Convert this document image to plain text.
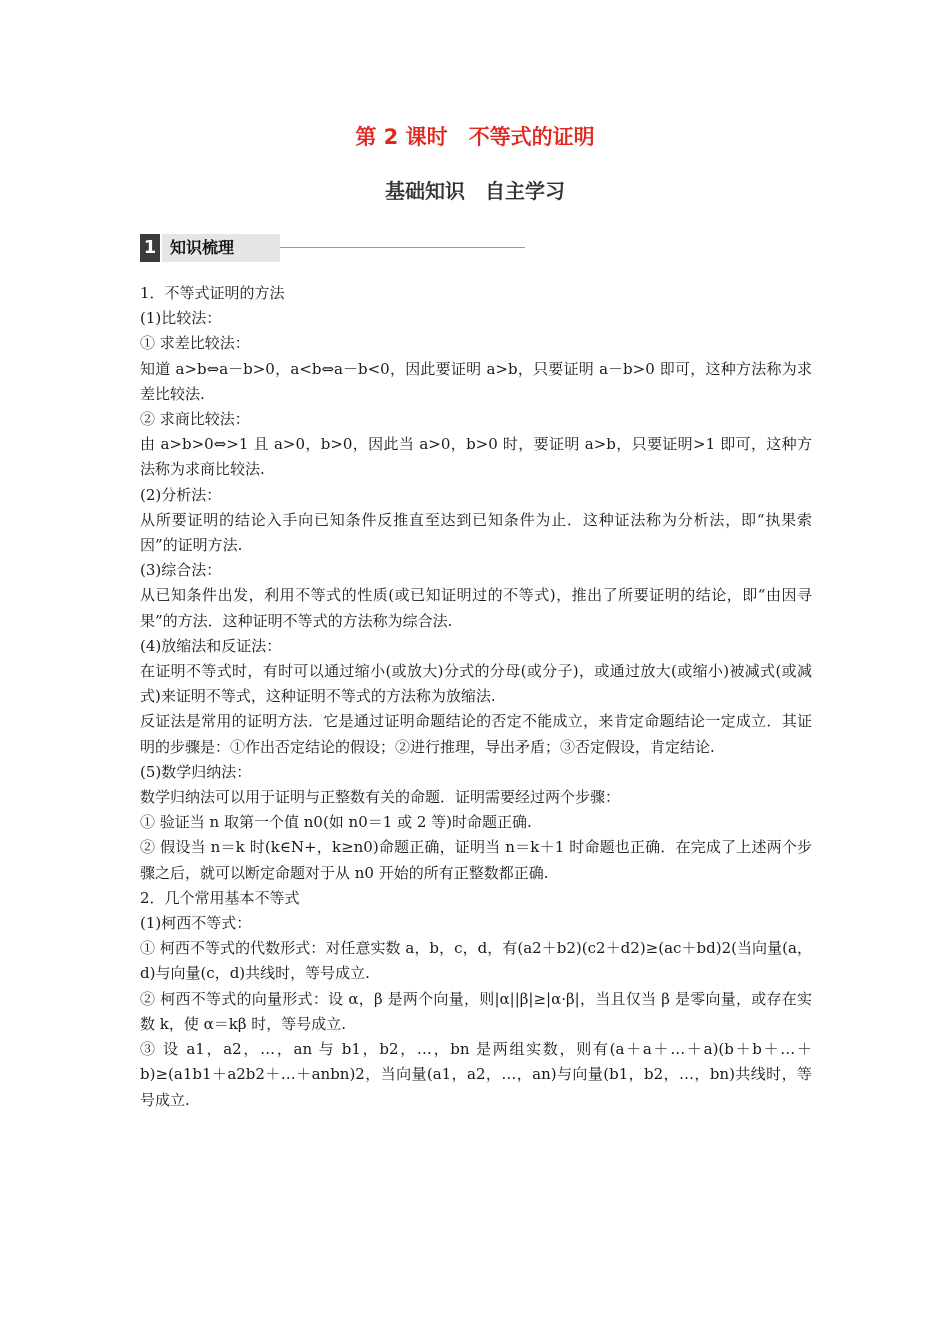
第 2 课时　不等式的证明
基础知识　自主学习
1 知识梳理

1．不等式证明的方法

(1)比较法：

① 求差比较法：

知道 a>b⇔a－b>0，a<b⇔a－b<0，因此要证明 a>b，只要证明 a－b>0 即可，这种方法称为求差比较法.

② 求商比较法：

由 a>b>0⇔>1 且 a>0，b>0，因此当 a>0，b>0 时，要证明 a>b，只要证明>1 即可，这种方法称为求商比较法.

(2)分析法：

从所要证明的结论入手向已知条件反推直至达到已知条件为止．这种证法称为分析法，即“执果索因”的证明方法.

(3)综合法：

从已知条件出发，利用不等式的性质(或已知证明过的不等式)，推出了所要证明的结论，即“由因寻果”的方法．这种证明不等式的方法称为综合法.

(4)放缩法和反证法：

在证明不等式时，有时可以通过缩小(或放大)分式的分母(或分子)，或通过放大(或缩小)被减式(或减式)来证明不等式，这种证明不等式的方法称为放缩法.

反证法是常用的证明方法．它是通过证明命题结论的否定不能成立，来肯定命题结论一定成立．其证明的步骤是：①作出否定结论的假设；②进行推理，导出矛盾；③否定假设，肯定结论.

(5)数学归纳法：

数学归纳法可以用于证明与正整数有关的命题．证明需要经过两个步骤：

① 验证当 n 取第一个值 n0(如 n0＝1 或 2 等)时命题正确.

② 假设当 n＝k 时(k∈N+，k≥n0)命题正确，证明当 n＝k＋1 时命题也正确．在完成了上述两个步骤之后，就可以断定命题对于从 n0 开始的所有正整数都正确.

2．几个常用基本不等式

(1)柯西不等式：

① 柯西不等式的代数形式：对任意实数 a，b，c，d，有(a2＋b2)(c2＋d2)≥(ac＋bd)2(当向量(a，d)与向量(c，d)共线时，等号成立.

② 柯西不等式的向量形式：设 α，β 是两个向量，则|α||β|≥|α·β|，当且仅当 β 是零向量，或存在实数 k，使 α＝kβ 时，等号成立.

③ 设 a1，a2，…，an 与 b1，b2，…，bn 是两组实数，则有(a＋a＋…＋a)(b＋b＋…＋b)≥(a1b1＋a2b2＋…＋anbn)2，当向量(a1，a2，…，an)与向量(b1，b2，…，bn)共线时，等号成立.
